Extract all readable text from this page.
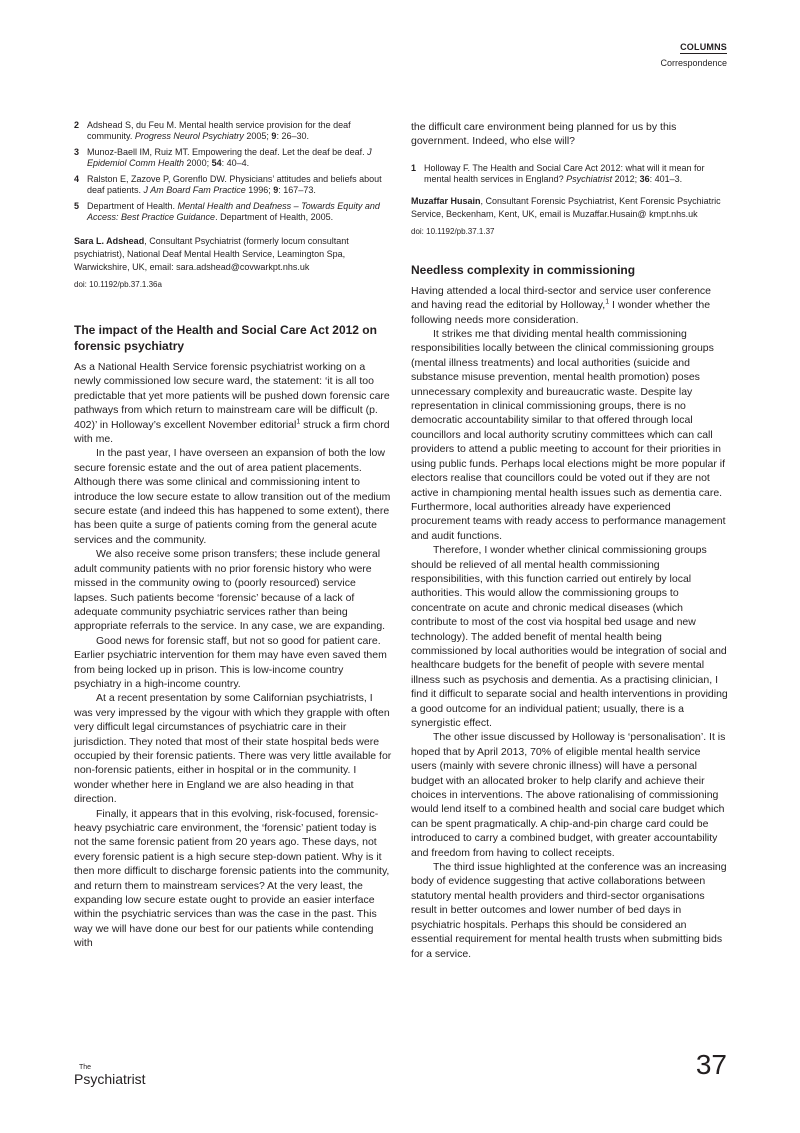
COLUMNS
Correspondence
2 Adshead S, du Feu M. Mental health service provision for the deaf community. Progress Neurol Psychiatry 2005; 9: 26–30.
3 Munoz-Baell IM, Ruiz MT. Empowering the deaf. Let the deaf be deaf. J Epidemiol Comm Health 2000; 54: 40–4.
4 Ralston E, Zazove P, Gorenflo DW. Physicians’ attitudes and beliefs about deaf patients. J Am Board Fam Practice 1996; 9: 167–73.
5 Department of Health. Mental Health and Deafness – Towards Equity and Access: Best Practice Guidance. Department of Health, 2005.
Sara L. Adshead, Consultant Psychiatrist (formerly locum consultant psychiatrist), National Deaf Mental Health Service, Leamington Spa, Warwickshire, UK, email: sara.adshead@covwarkpt.nhs.uk
doi: 10.1192/pb.37.1.36a
The impact of the Health and Social Care Act 2012 on forensic psychiatry

As a National Health Service forensic psychiatrist working on a newly commissioned low secure ward, the statement: ‘it is all too predictable that yet more patients will be pushed down forensic care pathways from which return to mainstream care will be difficult (p. 402)’ in Holloway’s excellent November editorial$^1$ struck a firm chord with me.

In the past year, I have overseen an expansion of both the low secure forensic estate and the out of area patient placements. Although there was some clinical and commissioning intent to introduce the low secure estate to allow transition out of the medium secure estate (and indeed this has happened to some extent), there has been quite a surge of patients coming from the general acute services and the community.

We also receive some prison transfers; these include general adult community patients with no prior forensic history who were missed in the community owing to (poorly resourced) service lapses. Such patients become ‘forensic’ because of a lack of adequate community psychiatric services rather than being appropriate referrals to the service. In any case, we are expanding.

Good news for forensic staff, but not so good for patient care. Earlier psychiatric intervention for them may have even saved them from being locked up in prison. This is low-income country psychiatry in a high-income country.

At a recent presentation by some Californian psychiatrists, I was very impressed by the vigour with which they grapple with often very difficult legal circumstances of psychiatric care in their jurisdiction. They noted that most of their state hospital beds were occupied by their forensic patients. There was very little available for non-forensic patients, either in hospital or in the community. I wonder whether here in England we are also heading in that direction.

Finally, it appears that in this evolving, risk-focused, forensic-heavy psychiatric care environment, the ‘forensic’ patient today is not the same forensic patient from 20 years ago. These days, not every forensic patient is a high secure step-down patient. Why is it then more difficult to discharge forensic patients into the community, and return them to mainstream services? At the very least, the expanding low secure estate ought to provide an easier interface within the psychiatric services than was the case in the past. This way we will have done our best for our patients while contending with

the difficult care environment being planned for us by this government. Indeed, who else will?

1 Holloway F. The Health and Social Care Act 2012: what will it mean for mental health services in England? Psychiatrist 2012; 36: 401–3.
Muzaffar Husain, Consultant Forensic Psychiatrist, Kent Forensic Psychiatric Service, Beckenham, Kent, UK, email is Muzaffar.Husain@ kmpt.nhs.uk
doi: 10.1192/pb.37.1.37
Needless complexity in commissioning

Having attended a local third-sector and service user conference and having read the editorial by Holloway,$^1$ I wonder whether the following needs more consideration.

It strikes me that dividing mental health commissioning responsibilities locally between the clinical commissioning groups (mental illness treatments) and local authorities (suicide and substance misuse prevention, mental health promotion) poses unnecessary complexity and bureaucratic waste. Despite lay representation in clinical commissioning groups, there is no democratic accountability similar to that offered through local councillors and local authority scrutiny committees which can call providers to attend a public meeting to account for their priorities in using public funds. Perhaps local elections might be more popular if electors realise that councillors could be voted out if they are not active in championing mental health issues such as dementia care. Furthermore, local authorities already have experienced procurement teams with ready access to performance management and audit functions.

Therefore, I wonder whether clinical commissioning groups should be relieved of all mental health commissioning responsibilities, with this function carried out entirely by local authorities. This would allow the commissioning groups to concentrate on acute and chronic medical diseases (which contribute to most of the cost via hospital bed usage and new technology). The added benefit of mental health being commissioned by local authorities would be integration of social and healthcare budgets for the benefit of people with severe mental illness such as psychosis and dementia. As a practising clinician, I find it difficult to separate social and health interventions in providing a good outcome for an individual patient; usually, there is a synergistic effect.

The other issue discussed by Holloway is ‘personalisation’. It is hoped that by April 2013, 70% of eligible mental health service users (mainly with severe chronic illness) will have a personal budget with an allocated broker to help clarify and achieve their choices in interventions. The above rationalising of commissioning would lend itself to a combined health and social care budget which can be spent pragmatically. A chip-and-pin charge card could be introduced to carry a combined budget, with greater accountability and freedom from having to collect receipts.

The third issue highlighted at the conference was an increasing body of evidence suggesting that active collaborations between statutory mental health providers and third-sector organisations result in better outcomes and lower number of bed days in psychiatric hospitals. Perhaps this should be considered an essential requirement for mental health trusts when submitting bids for a service.

The
Psychiatrist	37
